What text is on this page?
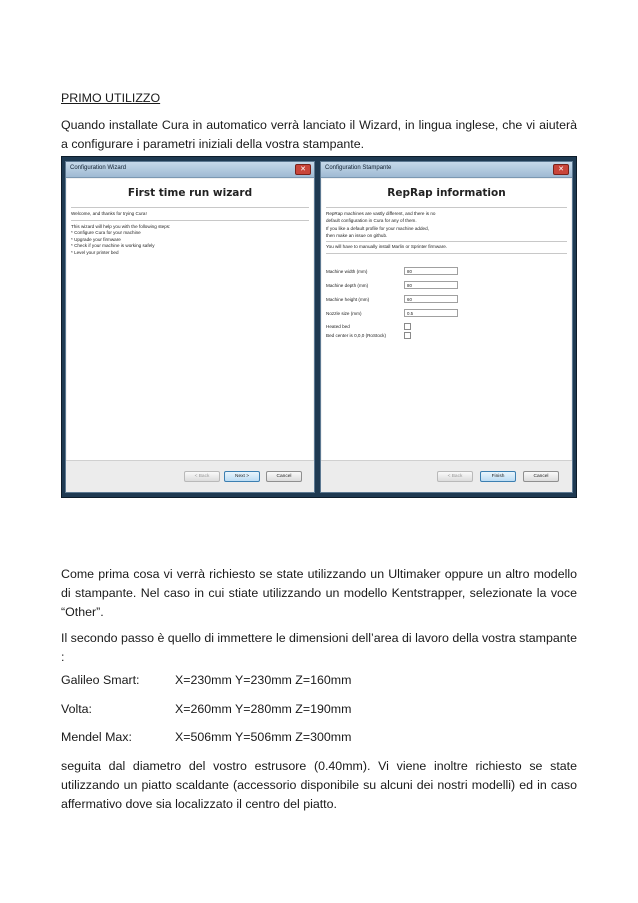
PRIMO UTILIZZO

Quando installate Cura in automatico verrà lanciato il Wizard, in lingua inglese, che vi aiuterà a configurare i parametri iniziali della vostra stampante.

Configuration Wizard	✕
First time run wizard
Welcome, and thanks for trying Cura!
This wizard will help you with the following steps:
* Configure Cura for your machine
* Upgrade your firmware
* Check if your machine is working safely
* Level your printer bed
< Back	Next >	Cancel
Configuration Stampante	✕
RepRap information
RepRap machines are vastly different, and there is no
default configuration in Cura for any of them.
If you like a default profile for your machine added,
then make an issue on github.
You will have to manually install Marlin or Sprinter firmware.
Machine width (mm)	80
Machine depth (mm)	80
Machine height (mm)	60
Nozzle size (mm)	0.5
Heated bed
Bed center is 0,0,0 (RoStock)
< Back	Finish	Cancel

Come prima cosa vi verrà richiesto se state utilizzando un Ultimaker oppure un altro modello di stampante. Nel caso in cui stiate utilizzando un modello Kentstrapper, selezionate la voce “Other”.

Il secondo passo è quello di immettere le dimensioni dell’area di lavoro della vostra stampante :

Galileo Smart:	X=230mm Y=230mm Z=160mm
Volta:	X=260mm Y=280mm Z=190mm
Mendel Max:	X=506mm Y=506mm Z=300mm

seguita dal diametro del vostro estrusore (0.40mm). Vi viene inoltre richiesto se state utilizzando un piatto scaldante (accessorio disponibile su alcuni dei nostri modelli) ed in caso affermativo dove sia localizzato il centro del piatto.
